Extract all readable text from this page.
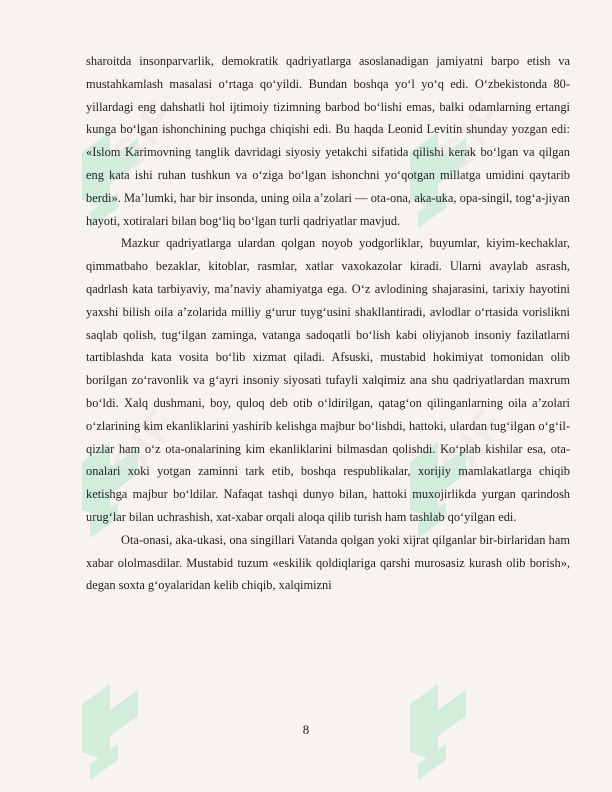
SIF	SIF
SIF	SIF

sharoitda insonparvarlik, demokratik qadriyatlarga asoslanadigan jamiyatni barpo etish va mustahkamlash masalasi o‘rtaga qo‘yildi. Bundan boshqa yo‘l yo‘q edi. O‘zbekistonda 80- yillardagi eng dahshatli hol ijtimoiy tizimning barbod bo‘lishi emas, balki odamlarning ertangi kunga bo‘lgan ishonchining puchga chiqishi edi. Bu haqda Leonid Levitin shunday yozgan edi: «Islom Karimovning tanglik davridagi siyosiy yetakchi sifatida qilishi kerak bo‘lgan va qilgan eng kata ishi ruhan tushkun va o‘ziga bo‘lgan ishonchni yo‘qotgan millatga umidini qaytarib berdi». Ma’lumki, har bir insonda, uning oila a’zolari — ota-ona, aka-uka, opa-singil, tog‘a-jiyan hayoti, xotiralari bilan bog‘liq bo‘lgan turli qadriyatlar mavjud.

Mazkur qadriyatlarga ulardan qolgan noyob yodgorliklar, buyumlar, kiyim-kechaklar, qimmatbaho bezaklar, kitoblar, rasmlar, xatlar vaxokazolar kiradi. Ularni avaylab asrash, qadrlash kata tarbiyaviy, ma’naviy ahamiyatga ega. O‘z avlodining shajarasini, tarixiy hayotini yaxshi bilish oila a’zolarida milliy g‘urur tuyg‘usini shakllantiradi, avlodlar o‘rtasida vorislikni saqlab qolish, tug‘ilgan zaminga, vatanga sadoqatli bo‘lish kabi oliyjanob insoniy fazilatlarni tartiblashda kata vosita bo‘lib xizmat qiladi. Afsuski, mustabid hokimiyat tomonidan olib borilgan zo‘ravonlik va g‘ayri insoniy siyosati tufayli xalqimiz ana shu qadriyatlardan maxrum bo‘ldi. Xalq dushmani, boy, quloq deb otib o‘ldirilgan, qatag‘on qilinganlarning oila a’zolari o‘zlarining kim ekanliklarini yashirib kelishga majbur bo‘lishdi, hattoki, ulardan tug‘ilgan o‘g‘il-qizlar ham o‘z ota-onalarining kim ekanliklarini bilmasdan qolishdi. Ko‘plab kishilar esa, ota- onalari xoki yotgan zaminni tark etib, boshqa respublikalar, xorijiy mamlakatlarga chiqib ketishga majbur bo‘ldilar. Nafaqat tashqi dunyo bilan, hattoki muxojirlikda yurgan qarindosh urug‘lar bilan uchrashish, xat-xabar orqali aloqa qilib turish ham tashlab qo‘yilgan edi.

Ota-onasi, aka-ukasi, ona singillari Vatanda qolgan yoki xijrat qilganlar bir-birlaridan ham xabar ololmasdilar. Mustabid tuzum «eskilik qoldiqlariga qarshi murosasiz kurash olib borish», degan soxta g‘oyalaridan kelib chiqib, xalqimizni

8
